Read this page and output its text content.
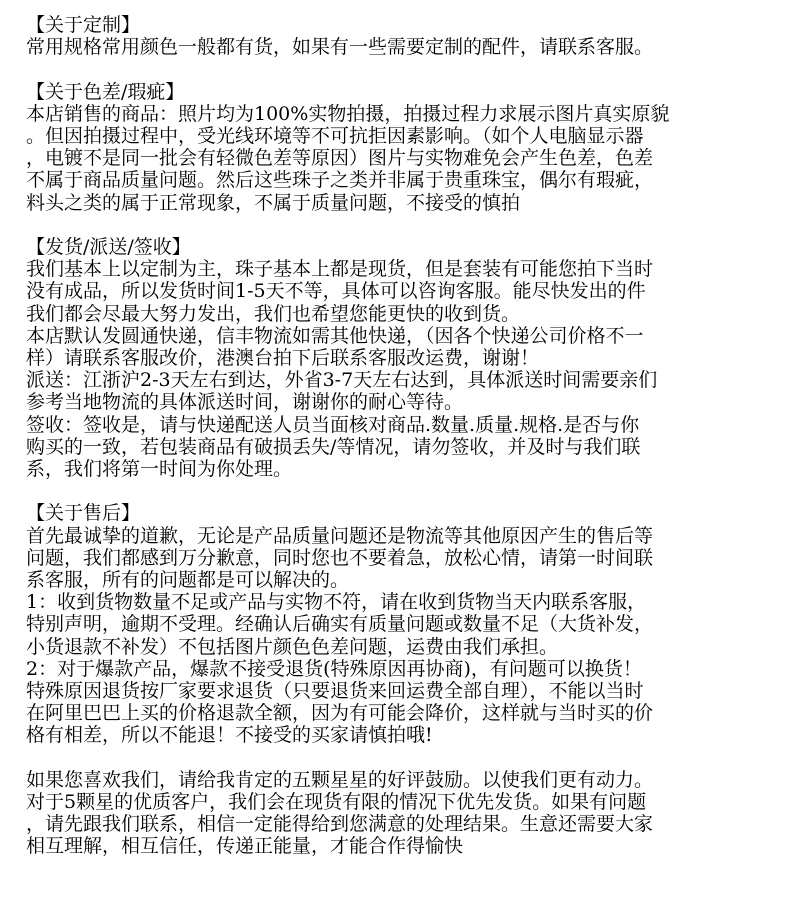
【关于定制】
常用规格常用颜色一般都有货，如果有一些需要定制的配件，请联系客服。
【关于色差/瑕疵】
本店销售的商品：照片均为100%实物拍摄，拍摄过程力求展示图片真实原貌
。但因拍摄过程中，受光线环境等不可抗拒因素影响。（如个人电脑显示器
，电镀不是同一批会有轻微色差等原因）图片与实物难免会产生色差，色差
不属于商品质量问题。然后这些珠子之类并非属于贵重珠宝，偶尔有瑕疵，
料头之类的属于正常现象，不属于质量问题，不接受的慎拍
【发货/派送/签收】
我们基本上以定制为主，珠子基本上都是现货，但是套装有可能您拍下当时
没有成品，所以发货时间1-5天不等，具体可以咨询客服。能尽快发出的件
我们都会尽最大努力发出，我们也希望您能更快的收到货。
本店默认发圆通快递，信丰物流如需其他快递，（因各个快递公司价格不一
样）请联系客服改价，港澳台拍下后联系客服改运费，谢谢！
派送：江浙沪2-3天左右到达，外省3-7天左右达到，具体派送时间需要亲们
参考当地物流的具体派送时间，谢谢你的耐心等待。
签收：签收是，请与快递配送人员当面核对商品.数量.质量.规格.是否与你
购买的一致，若包装商品有破损丢失/等情况，请勿签收，并及时与我们联
系，我们将第一时间为你处理。
【关于售后】
首先最诚挚的道歉，无论是产品质量问题还是物流等其他原因产生的售后等
问题，我们都感到万分歉意，同时您也不要着急，放松心情，请第一时间联
系客服，所有的问题都是可以解决的。
1：收到货物数量不足或产品与实物不符，请在收到货物当天内联系客服，
特别声明，逾期不受理。经确认后确实有质量问题或数量不足（大货补发，
小货退款不补发）不包括图片颜色色差问题，运费由我们承担。
2：对于爆款产品，爆款不接受退货(特殊原因再协商)，有问题可以换货！
特殊原因退货按厂家要求退货（只要退货来回运费全部自理），不能以当时
在阿里巴巴上买的价格退款全额，因为有可能会降价，这样就与当时买的价
格有相差，所以不能退！不接受的买家请慎拍哦!
如果您喜欢我们，请给我肯定的五颗星星的好评鼓励。以使我们更有动力。
对于5颗星的优质客户，我们会在现货有限的情况下优先发货。如果有问题
，请先跟我们联系，相信一定能得给到您满意的处理结果。生意还需要大家
相互理解，相互信任，传递正能量，才能合作得愉快
